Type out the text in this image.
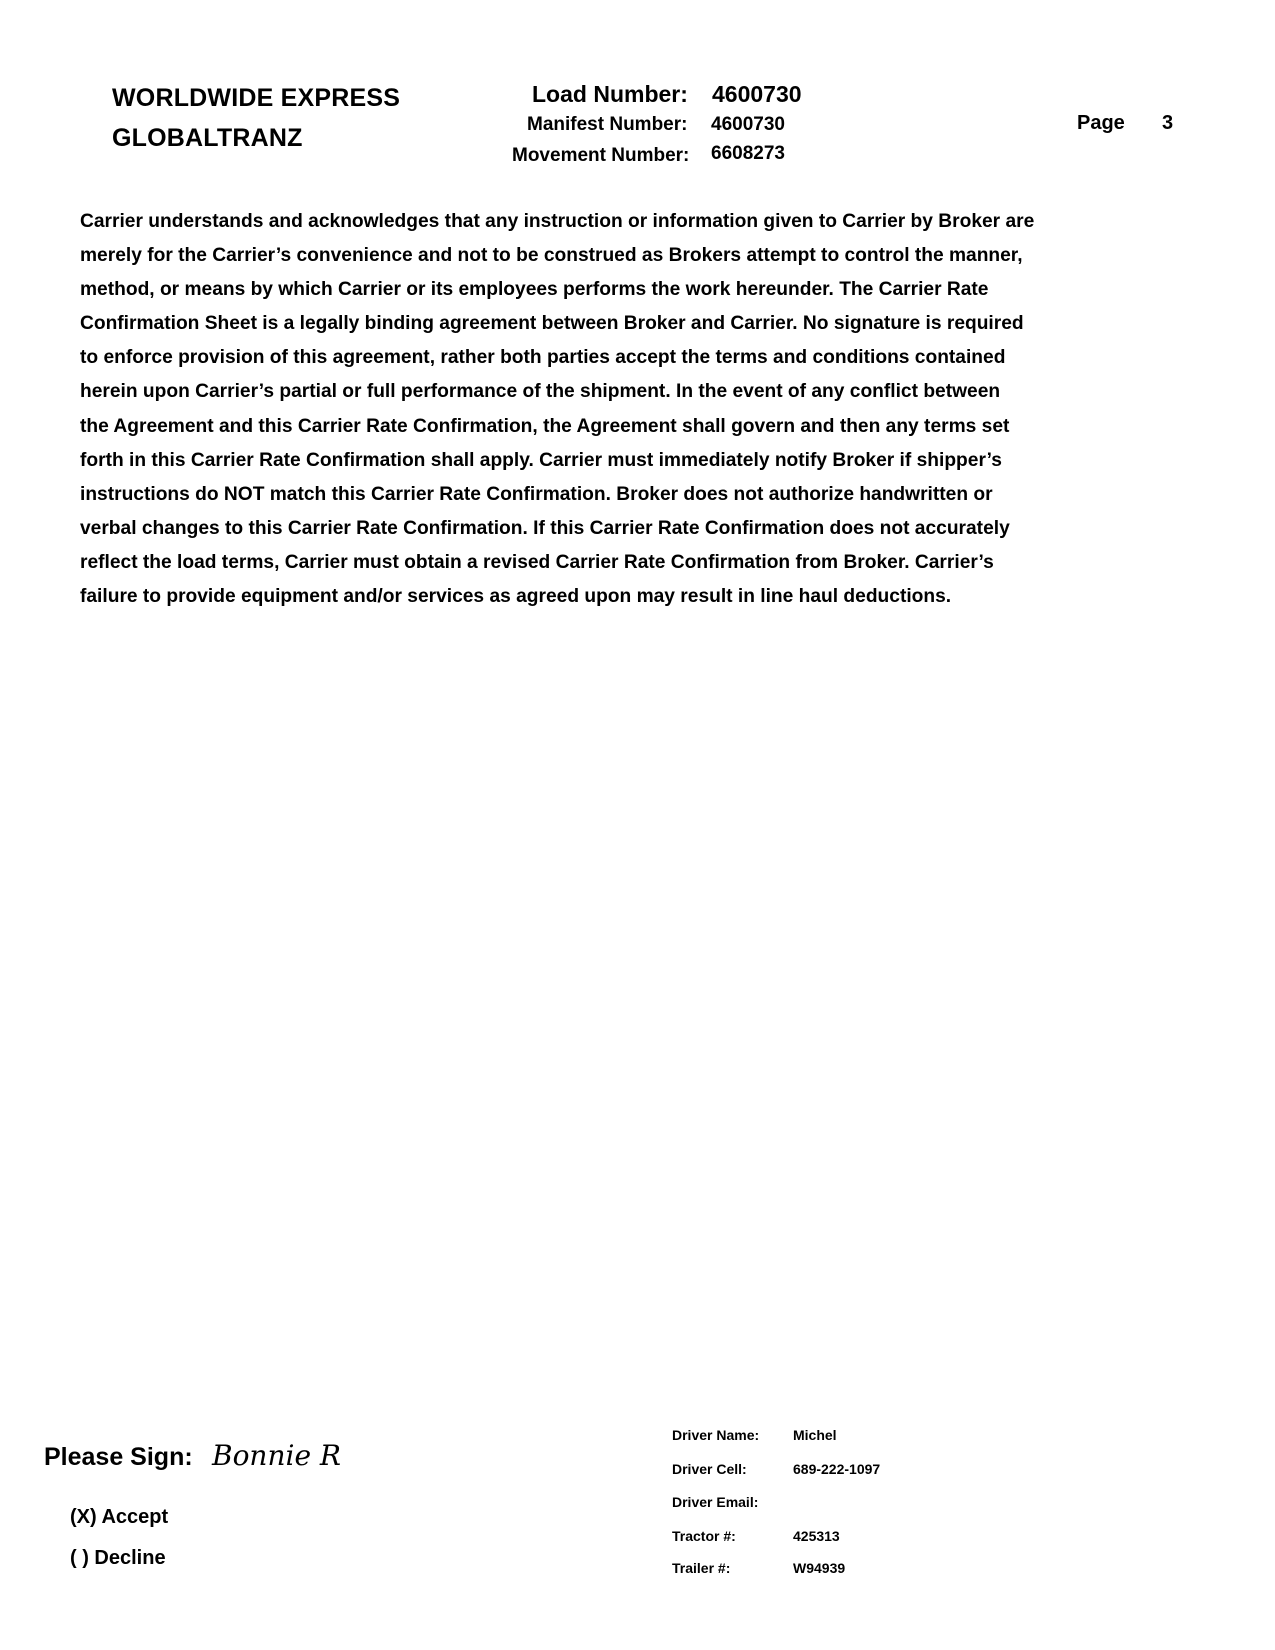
WORLDWIDE EXPRESS
GLOBALTRANZ
Load Number: 4600730
Manifest Number: 4600730
Movement Number: 6608273
Page 3
Carrier understands and acknowledges that any instruction or information given to Carrier by Broker are
merely for the Carrier’s convenience and not to be construed as Brokers attempt to control the manner,
method, or means by which Carrier or its employees performs the work hereunder. The Carrier Rate
Confirmation Sheet is a legally binding agreement between Broker and Carrier. No signature is required
to enforce provision of this agreement, rather both parties accept the terms and conditions contained
herein upon Carrier’s partial or full performance of the shipment. In the event of any conflict between
the Agreement and this Carrier Rate Confirmation, the Agreement shall govern and then any terms set
forth in this Carrier Rate Confirmation shall apply. Carrier must immediately notify Broker if shipper’s
instructions do NOT match this Carrier Rate Confirmation. Broker does not authorize handwritten or
verbal changes to this Carrier Rate Confirmation. If this Carrier Rate Confirmation does not accurately
reflect the load terms, Carrier must obtain a revised Carrier Rate Confirmation from Broker. Carrier’s
failure to provide equipment and/or services as agreed upon may result in line haul deductions.
Please Sign: Bonnie R
(X) Accept
( ) Decline
Driver Name: Michel
Driver Cell:	689-222-1097
Driver Email:
Tractor #:	425313
Trailer #:	W94939
